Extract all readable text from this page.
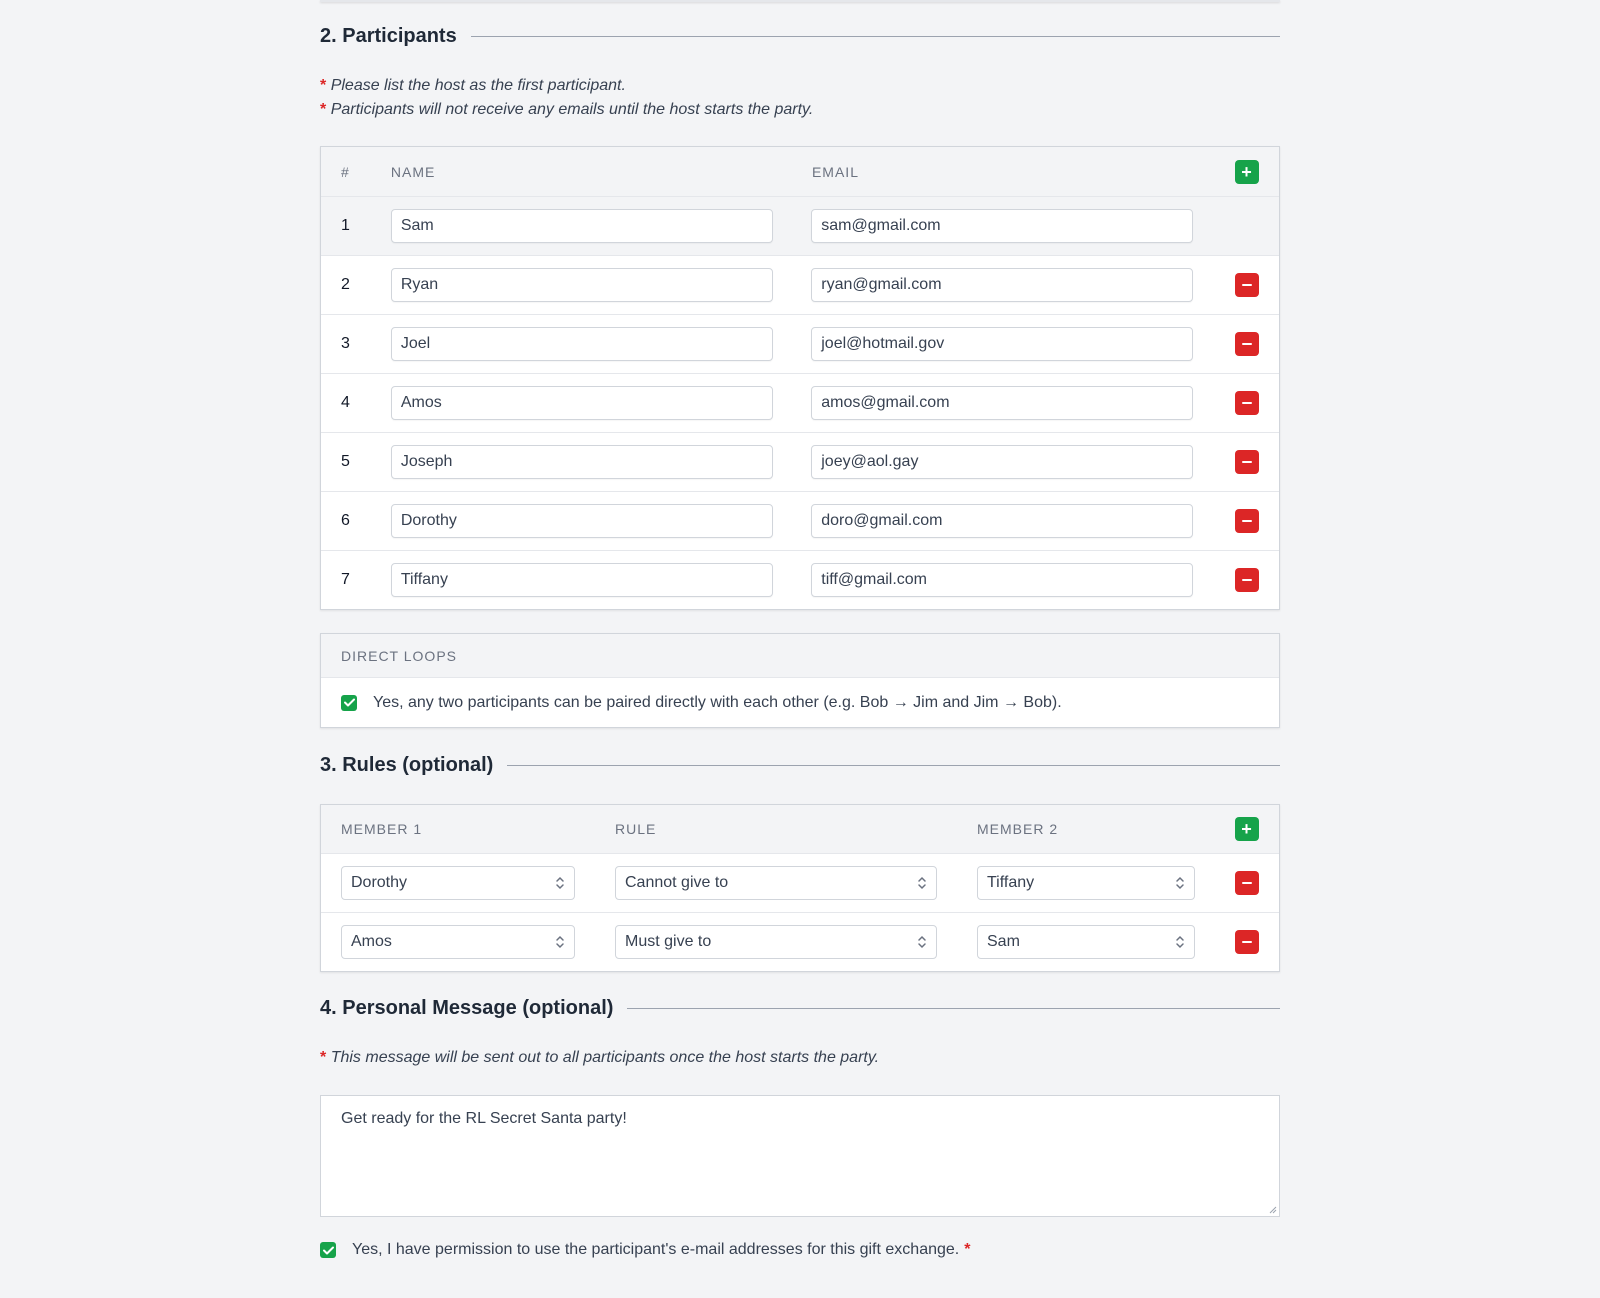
2. Participants
* Please list the host as the first participant.
* Participants will not receive any emails until the host starts the party.
#	NAME	EMAIL	+
1	Sam	sam@gmail.com
2	Ryan	ryan@gmail.com
3	Joel	joel@hotmail.gov
4	Amos	amos@gmail.com
5	Joseph	joey@aol.gay
6	Dorothy	doro@gmail.com
7	Tiffany	tiff@gmail.com
DIRECT LOOPS
Yes, any two participants can be paired directly with each other (e.g. Bob → Jim and Jim → Bob).
3. Rules (optional)
MEMBER 1	RULE	MEMBER 2	+
Dorothy	Cannot give to	Tiffany
Amos	Must give to	Sam
4. Personal Message (optional)
* This message will be sent out to all participants once the host starts the party.
Get ready for the RL Secret Santa party!
Yes, I have permission to use the participant's e-mail addresses for this gift exchange. *
